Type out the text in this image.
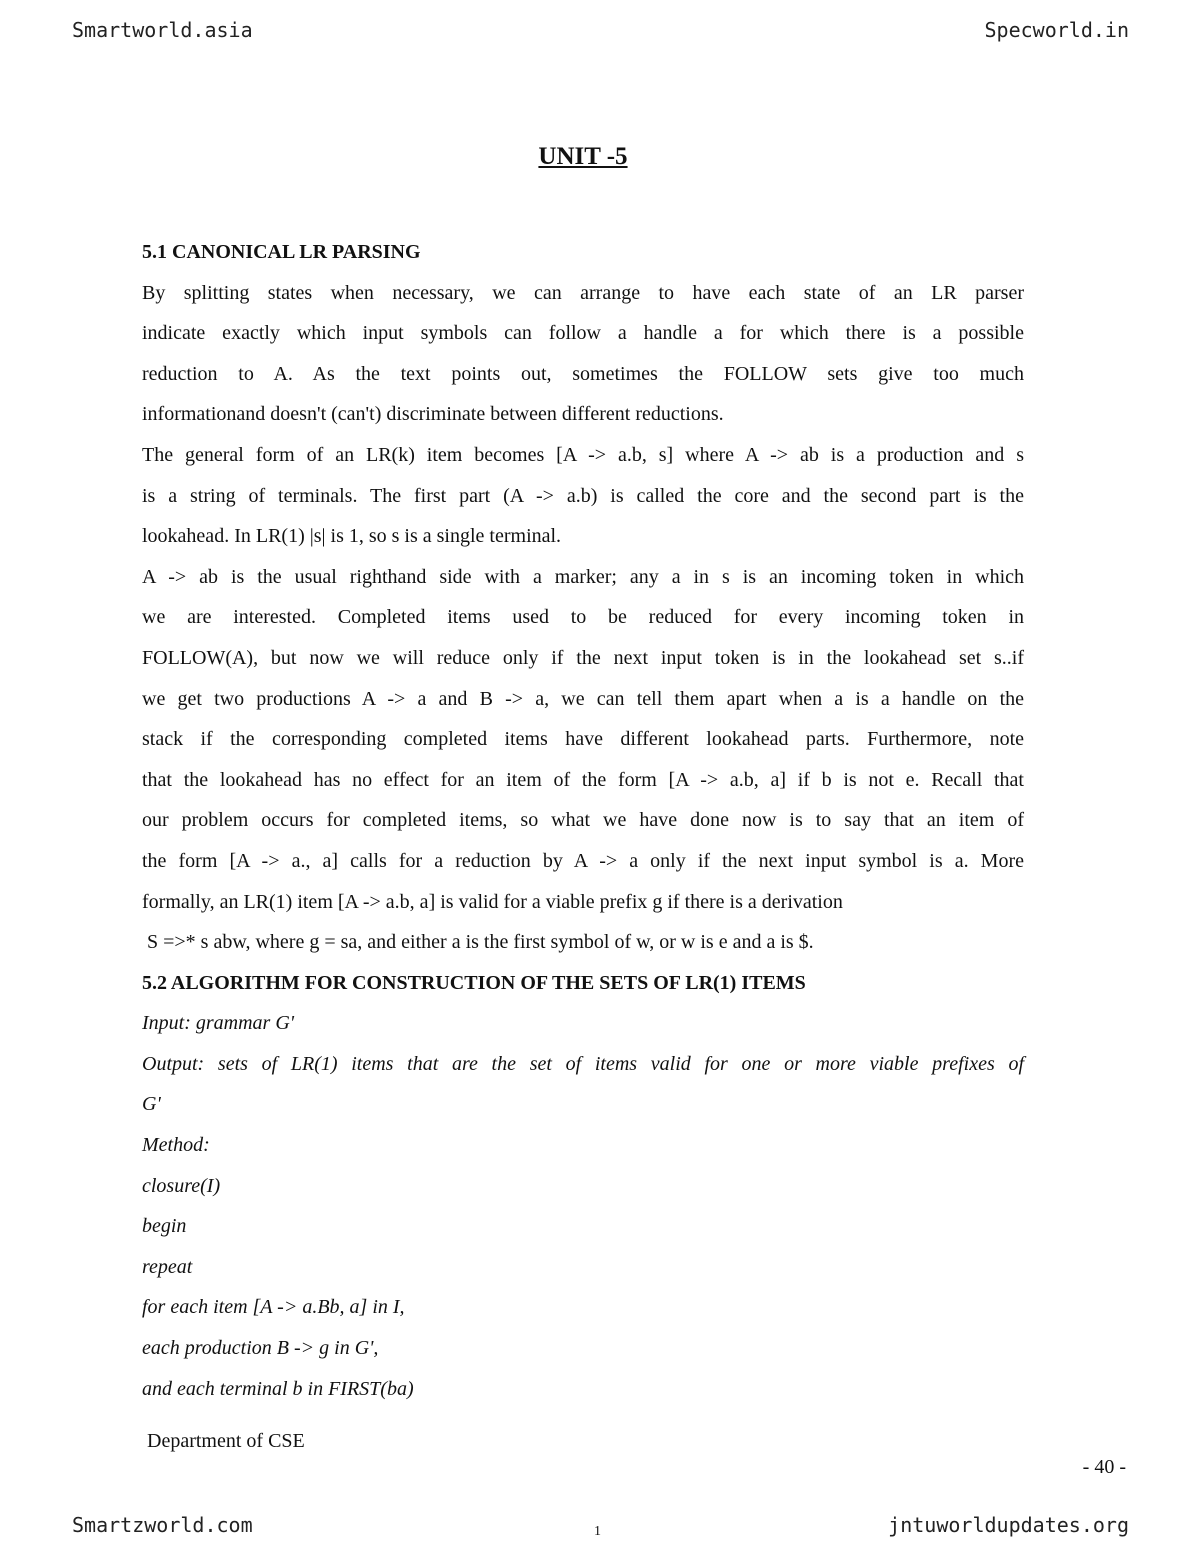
Smartworld.asia	Specworld.in
UNIT -5
5.1 CANONICAL LR PARSING
By splitting states when necessary, we can arrange to have each state of an LR parser
indicate exactly which input symbols can follow a handle a for which there is a possible
reduction to A. As the text points out, sometimes the FOLLOW sets give too much
informationand doesn't (can't) discriminate between different reductions.
The general form of an LR(k) item becomes [A -> a.b, s] where A -> ab is a production and s
is a string of terminals. The first part (A -> a.b) is called the core and the second part is the
lookahead. In LR(1) |s| is 1, so s is a single terminal.
A -> ab is the usual righthand side with a marker; any a in s is an incoming token in which
we are interested. Completed items used to be reduced for every incoming token in
FOLLOW(A), but now we will reduce only if the next input token is in the lookahead set s..if
we get two productions A -> a and B -> a, we can tell them apart when a is a handle on the
stack if the corresponding completed items have different lookahead parts. Furthermore, note
that the lookahead has no effect for an item of the form [A -> a.b, a] if b is not e. Recall that
our problem occurs for completed items, so what we have done now is to say that an item of
the form [A -> a., a] calls for a reduction by A -> a only if the next input symbol is a. More
formally, an LR(1) item [A -> a.b, a] is valid for a viable prefix g if there is a derivation
S =>* s abw, where g = sa, and either a is the first symbol of w, or w is e and a is $.
5.2 ALGORITHM FOR CONSTRUCTION OF THE SETS OF LR(1) ITEMS
Input: grammar G'
Output: sets of LR(1) items that are the set of items valid for one or more viable prefixes of
G'
Method:
closure(I)
begin
repeat
for each item [A -> a.Bb, a] in I,
each production B -> g in G',
and each terminal b in FIRST(ba)
Department of CSE
- 40 -
Smartzworld.com	1	jntuworldupdates.org
